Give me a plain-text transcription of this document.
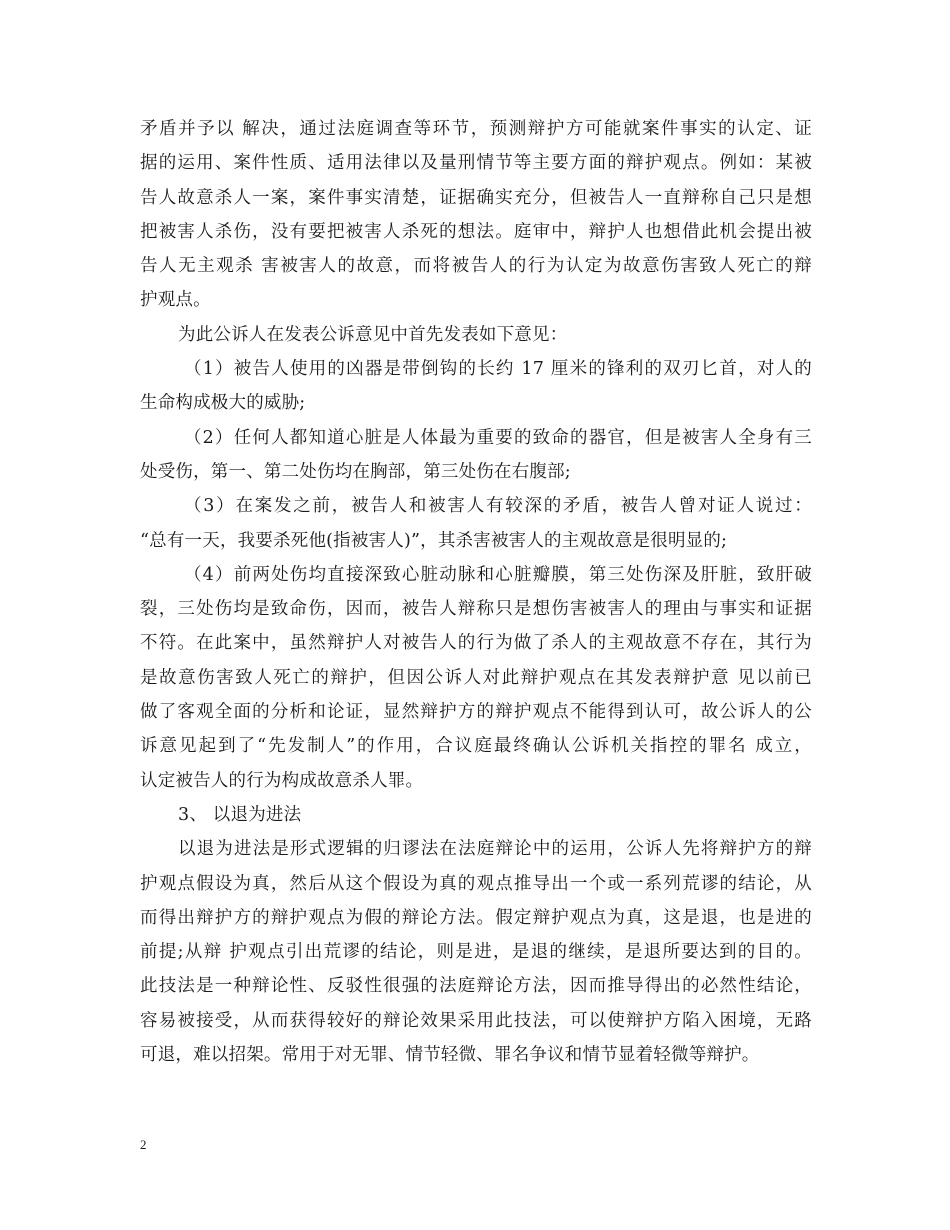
矛盾并予以 解决，通过法庭调查等环节，预测辩护方可能就案件事实的认定、证
据的运用、案件性质、适用法律以及量刑情节等主要方面的辩护观点。例如：某被
告人故意杀人一案，案件事实清楚，证据确实充分，但被告人一直辩称自己只是想
把被害人杀伤，没有要把被害人杀死的想法。庭审中，辩护人也想借此机会提出被
告人无主观杀 害被害人的故意，而将被告人的行为认定为故意伤害致人死亡的辩
护观点。
为此公诉人在发表公诉意见中首先发表如下意见：
（1）被告人使用的凶器是带倒钩的长约 17 厘米的锋利的双刃匕首，对人的
生命构成极大的威胁;
（2）任何人都知道心脏是人体最为重要的致命的器官，但是被害人全身有三
处受伤，第一、第二处伤均在胸部，第三处伤在右腹部;
（3）在案发之前，被告人和被害人有较深的矛盾，被告人曾对证人说过：
“总有一天，我要杀死他(指被害人)”，其杀害被害人的主观故意是很明显的;
（4）前两处伤均直接深致心脏动脉和心脏瓣膜，第三处伤深及肝脏，致肝破
裂，三处伤均是致命伤，因而，被告人辩称只是想伤害被害人的理由与事实和证据
不符。在此案中，虽然辩护人对被告人的行为做了杀人的主观故意不存在，其行为
是故意伤害致人死亡的辩护，但因公诉人对此辩护观点在其发表辩护意 见以前已
做了客观全面的分析和论证，显然辩护方的辩护观点不能得到认可，故公诉人的公
诉意见起到了“先发制人”的作用，合议庭最终确认公诉机关指控的罪名 成立，
认定被告人的行为构成故意杀人罪。
3、 以退为进法
以退为进法是形式逻辑的归谬法在法庭辩论中的运用，公诉人先将辩护方的辩
护观点假设为真，然后从这个假设为真的观点推导出一个或一系列荒谬的结论，从
而得出辩护方的辩护观点为假的辩论方法。假定辩护观点为真，这是退，也是进的
前提;从辩 护观点引出荒谬的结论，则是进，是退的继续，是退所要达到的目的。
此技法是一种辩论性、反驳性很强的法庭辩论方法，因而推导得出的必然性结论，
容易被接受，从而获得较好的辩论效果采用此技法，可以使辩护方陷入困境，无路
可退，难以招架。常用于对无罪、情节轻微、罪名争议和情节显着轻微等辩护。
2
